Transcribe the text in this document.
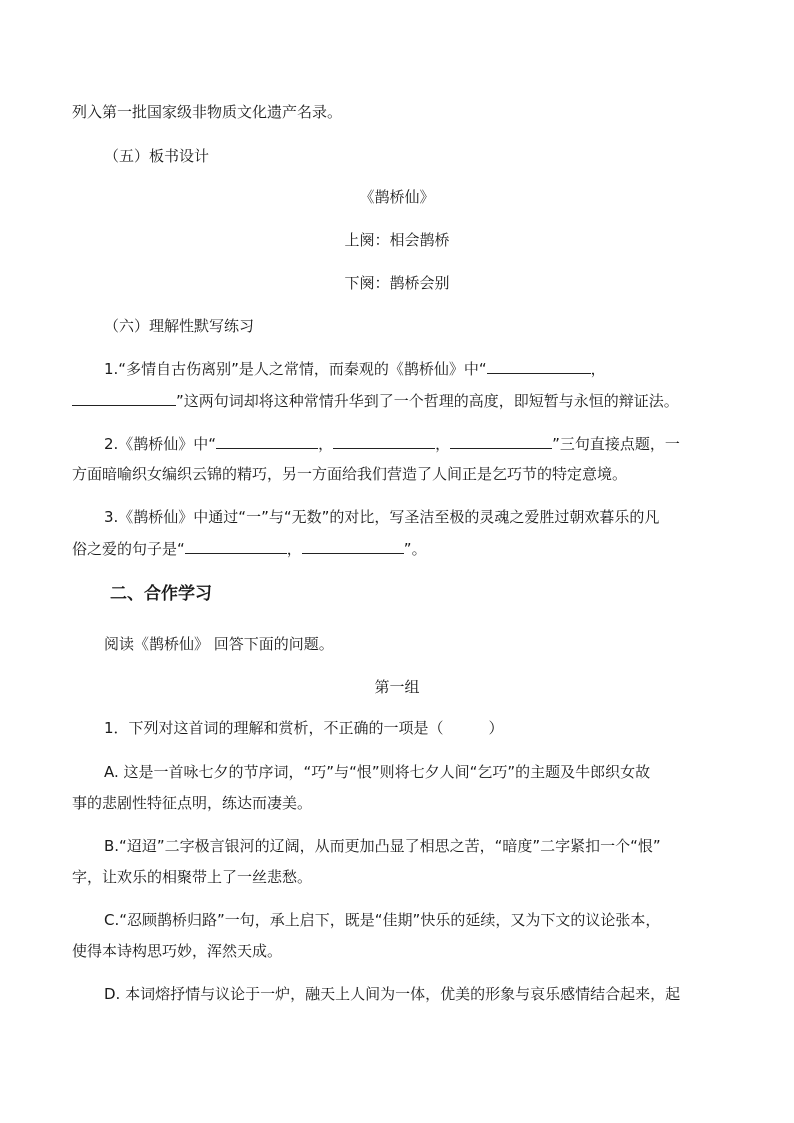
列入第一批国家级非物质文化遗产名录。
（五）板书设计
《鹊桥仙》
上阕：相会鹊桥
下阕：鹊桥会别
（六）理解性默写练习
1.“多情自古伤离别”是人之常情，而秦观的《鹊桥仙》中“	，
”这两句词却将这种常情升华到了一个哲理的高度，即短暂与永恒的辩证法。
2.《鹊桥仙》中“	，	，	”三句直接点题，一
方面暗喻织女编织云锦的精巧，另一方面给我们营造了人间正是乞巧节的特定意境。
3.《鹊桥仙》中通过“一”与“无数”的对比，写圣洁至极的灵魂之爱胜过朝欢暮乐的凡
俗之爱的句子是“	，	”。
二、合作学习
阅读《鹊桥仙》 回答下面的问题。
第一组
1．下列对这首词的理解和赏析，不正确的一项是（　　　）
A. 这是一首咏七夕的节序词，“巧”与“恨”则将七夕人间“乞巧”的主题及牛郎织女故
事的悲剧性特征点明，练达而凄美。
B.“迢迢”二字极言银河的辽阔，从而更加凸显了相思之苦，“暗度”二字紧扣一个“恨”
字，让欢乐的相聚带上了一丝悲愁。
C.“忍顾鹊桥归路”一句，承上启下，既是“佳期”快乐的延续，又为下文的议论张本，
使得本诗构思巧妙，浑然天成。
D. 本词熔抒情与议论于一炉，融天上人间为一体，优美的形象与哀乐感情结合起来，起
